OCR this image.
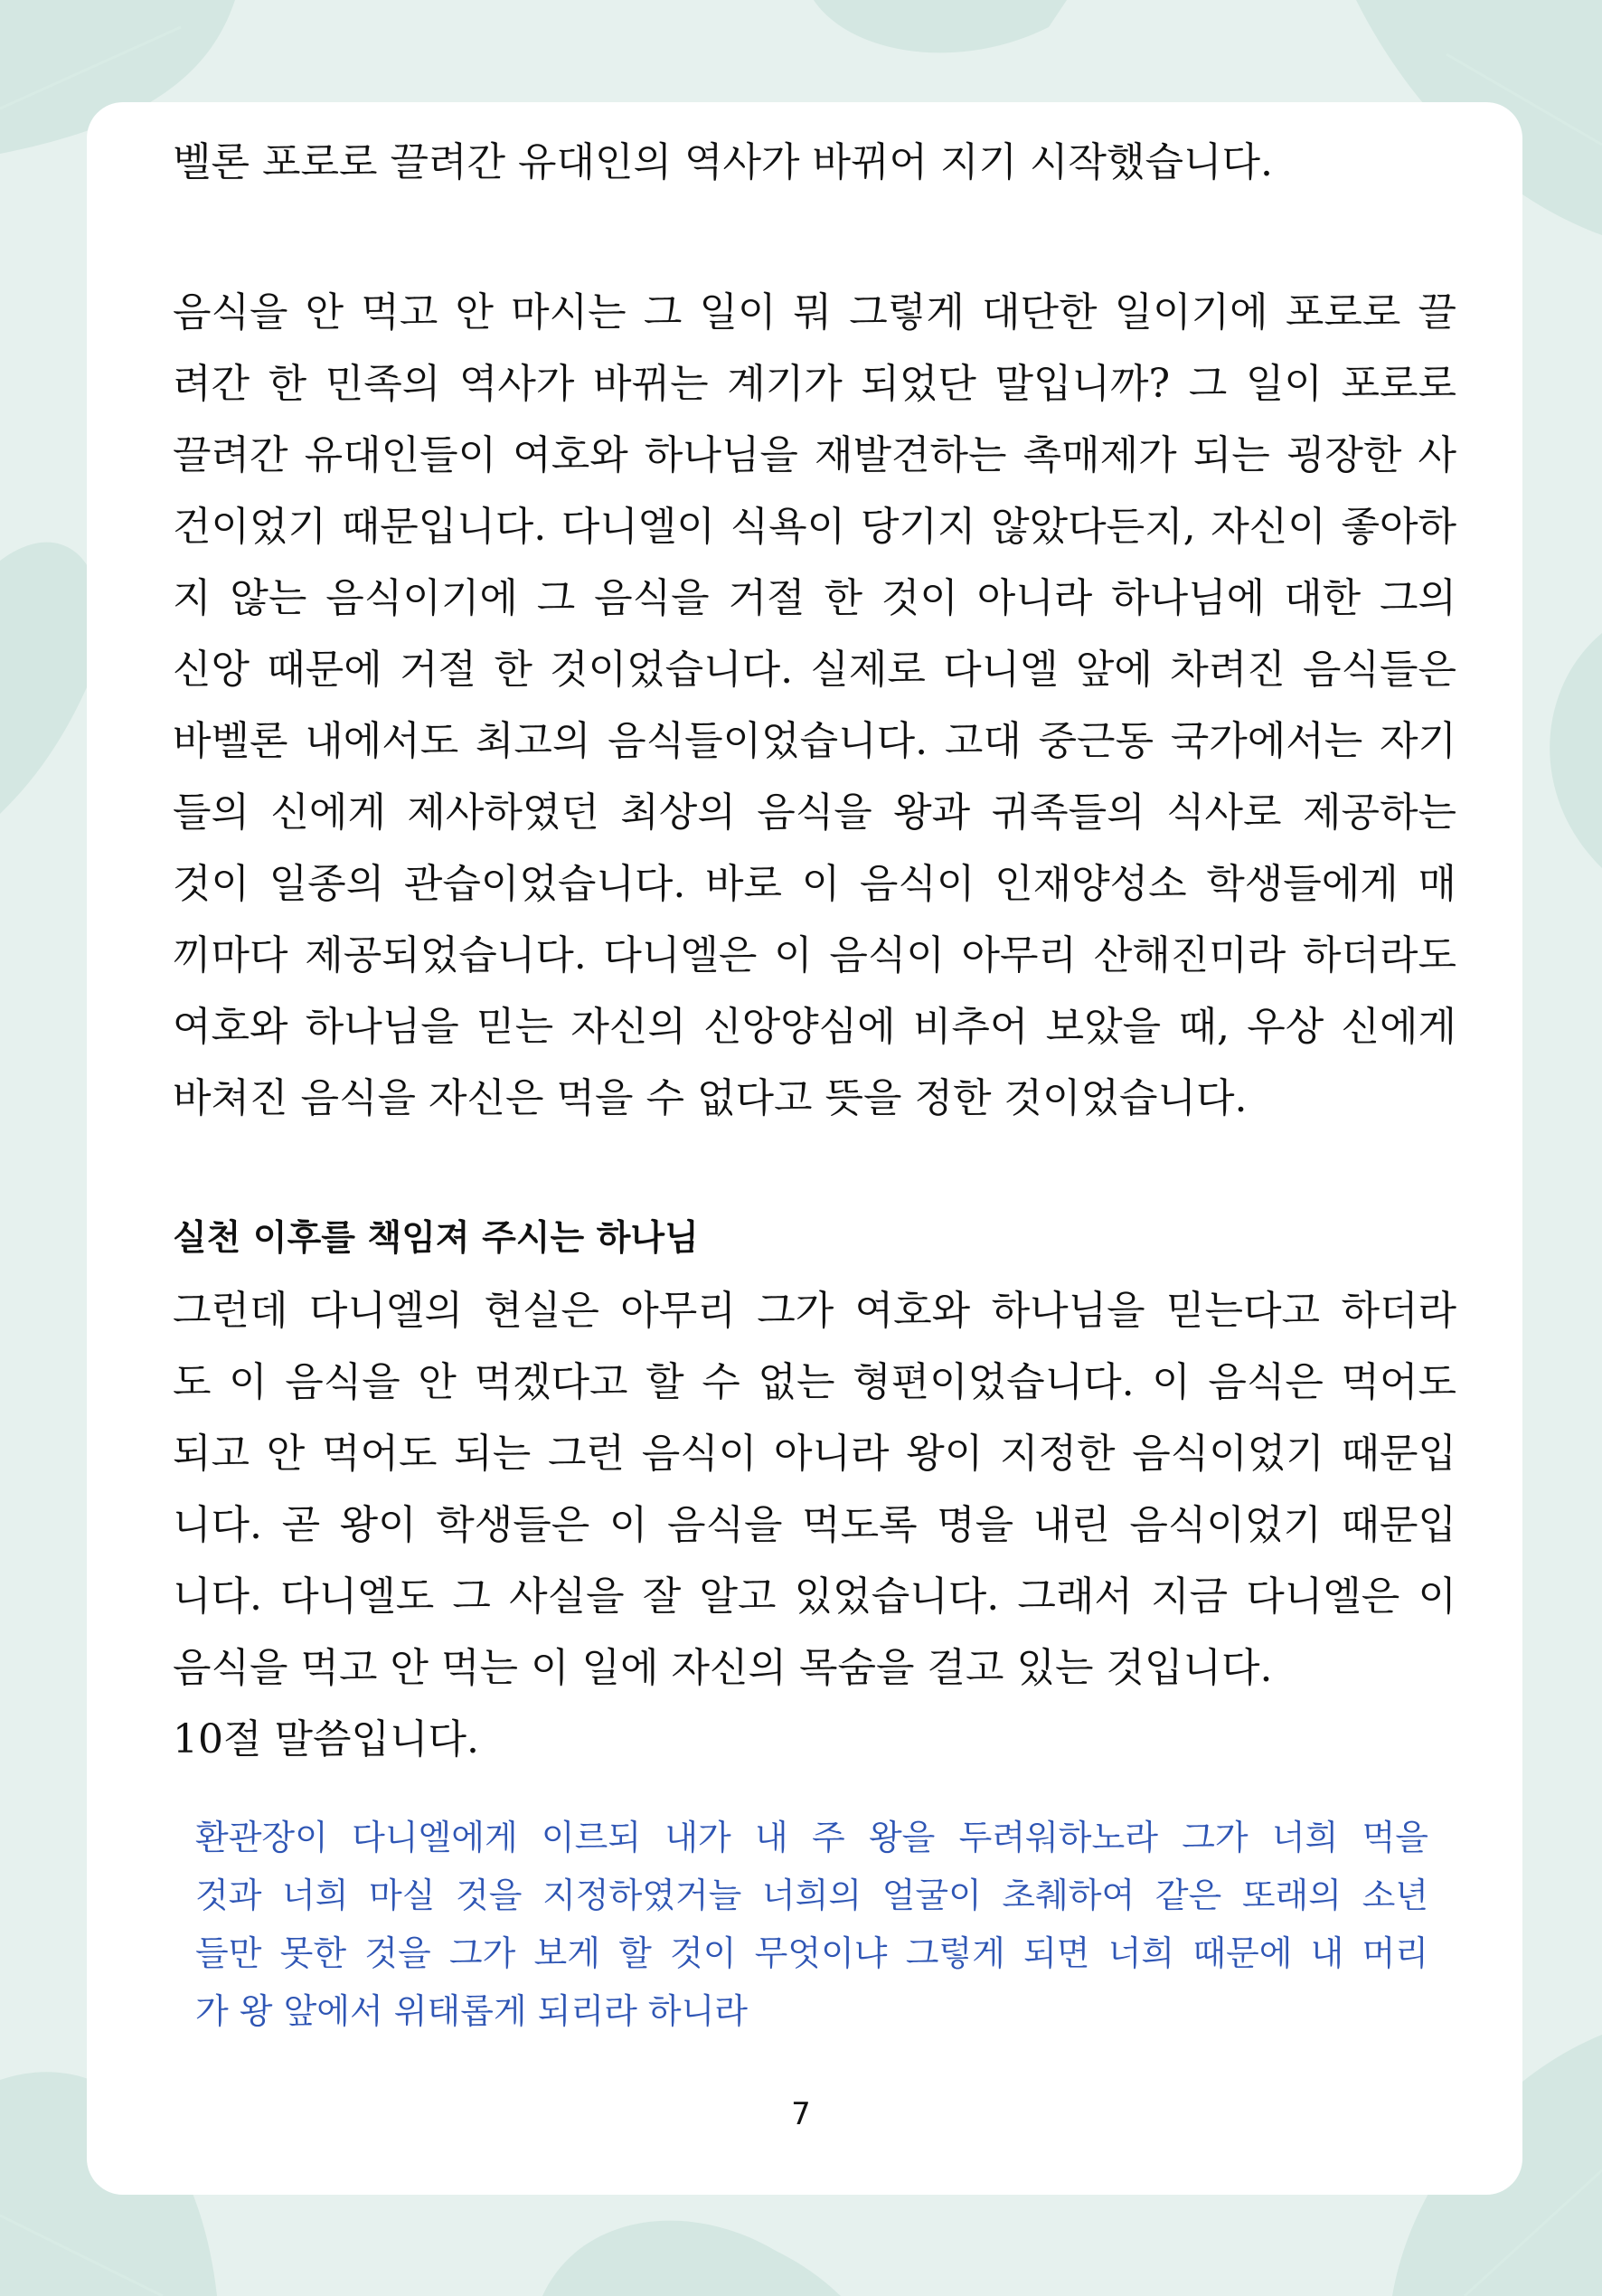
벨론 포로로 끌려간 유대인의 역사가 바뀌어 지기 시작했습니다.
음식을 안 먹고 안 마시는 그 일이 뭐 그렇게 대단한 일이기에 포로로 끌
려간 한 민족의 역사가 바뀌는 계기가 되었단 말입니까? 그 일이 포로로
끌려간 유대인들이 여호와 하나님을 재발견하는 촉매제가 되는 굉장한 사
건이었기 때문입니다. 다니엘이 식욕이 당기지 않았다든지, 자신이 좋아하
지 않는 음식이기에 그 음식을 거절 한 것이 아니라 하나님에 대한 그의
신앙 때문에 거절 한 것이었습니다. 실제로 다니엘 앞에 차려진 음식들은
바벨론 내에서도 최고의 음식들이었습니다. 고대 중근동 국가에서는 자기
들의 신에게 제사하였던 최상의 음식을 왕과 귀족들의 식사로 제공하는
것이 일종의 관습이었습니다. 바로 이 음식이 인재양성소 학생들에게 매
끼마다 제공되었습니다. 다니엘은 이 음식이 아무리 산해진미라 하더라도
여호와 하나님을 믿는 자신의 신앙양심에 비추어 보았을 때, 우상 신에게
바쳐진 음식을 자신은 먹을 수 없다고 뜻을 정한 것이었습니다.
실천 이후를 책임져 주시는 하나님
그런데 다니엘의 현실은 아무리 그가 여호와 하나님을 믿는다고 하더라
도 이 음식을 안 먹겠다고 할 수 없는 형편이었습니다. 이 음식은 먹어도
되고 안 먹어도 되는 그런 음식이 아니라 왕이 지정한 음식이었기 때문입
니다. 곧 왕이 학생들은 이 음식을 먹도록 명을 내린 음식이었기 때문입
니다. 다니엘도 그 사실을 잘 알고 있었습니다. 그래서 지금 다니엘은 이
음식을 먹고 안 먹는 이 일에 자신의 목숨을 걸고 있는 것입니다.
10절 말씀입니다.
환관장이 다니엘에게 이르되 내가 내 주 왕을 두려워하노라 그가 너희 먹을
것과 너희 마실 것을 지정하였거늘 너희의 얼굴이 초췌하여 같은 또래의 소년
들만 못한 것을 그가 보게 할 것이 무엇이냐 그렇게 되면 너희 때문에 내 머리
가 왕 앞에서 위태롭게 되리라 하니라
7
